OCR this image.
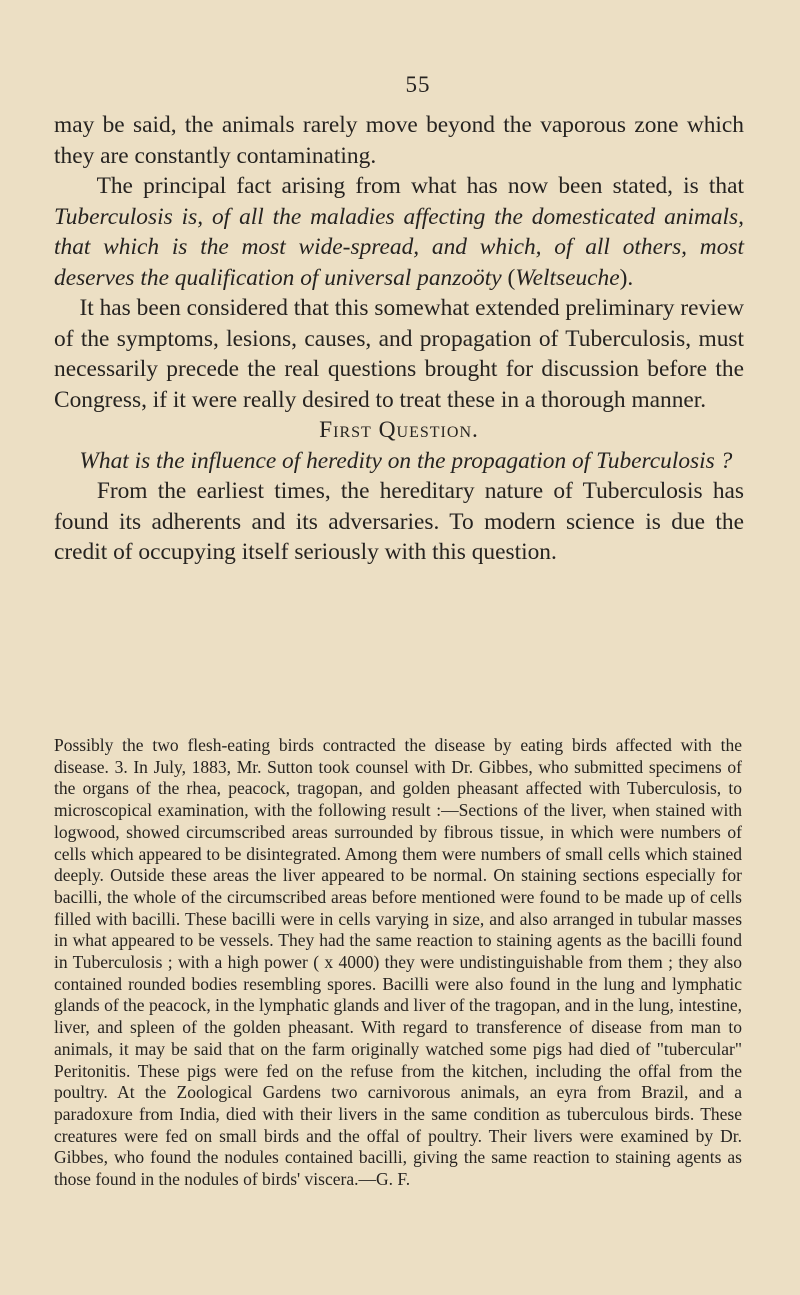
55

may be said, the animals rarely move beyond the vaporous zone which they are constantly contaminating.

The principal fact arising from what has now been stated, is that Tuberculosis is, of all the maladies affecting the domesticated animals, that which is the most wide-spread, and which, of all others, most deserves the qualification of universal panzoöty (Weltseuche).

It has been considered that this somewhat extended preliminary review of the symptoms, lesions, causes, and propagation of Tuberculosis, must necessarily precede the real questions brought for discussion before the Congress, if it were really desired to treat these in a thorough manner.

First Question.

What is the influence of heredity on the propagation of Tuberculosis ?

From the earliest times, the hereditary nature of Tuberculosis has found its adherents and its adversaries. To modern science is due the credit of occupying itself seriously with this question.

Possibly the two flesh-eating birds contracted the disease by eating birds affected with the disease. 3. In July, 1883, Mr. Sutton took counsel with Dr. Gibbes, who submitted specimens of the organs of the rhea, peacock, tragopan, and golden pheasant affected with Tuberculosis, to microscopical examination, with the following result :—Sections of the liver, when stained with logwood, showed circumscribed areas surrounded by fibrous tissue, in which were numbers of cells which appeared to be disintegrated. Among them were numbers of small cells which stained deeply. Outside these areas the liver appeared to be normal. On staining sections especially for bacilli, the whole of the circumscribed areas before mentioned were found to be made up of cells filled with bacilli. These bacilli were in cells varying in size, and also arranged in tubular masses in what appeared to be vessels. They had the same reaction to staining agents as the bacilli found in Tuberculosis ; with a high power ( x 4000) they were undistinguishable from them ; they also contained rounded bodies resembling spores. Bacilli were also found in the lung and lymphatic glands of the peacock, in the lymphatic glands and liver of the tragopan, and in the lung, intestine, liver, and spleen of the golden pheasant. With regard to transference of disease from man to animals, it may be said that on the farm originally watched some pigs had died of "tubercular" Peritonitis. These pigs were fed on the refuse from the kitchen, including the offal from the poultry. At the Zoological Gardens two carnivorous animals, an eyra from Brazil, and a paradoxure from India, died with their livers in the same condition as tuberculous birds. These creatures were fed on small birds and the offal of poultry. Their livers were examined by Dr. Gibbes, who found the nodules contained bacilli, giving the same reaction to staining agents as those found in the nodules of birds' viscera.—G. F.
